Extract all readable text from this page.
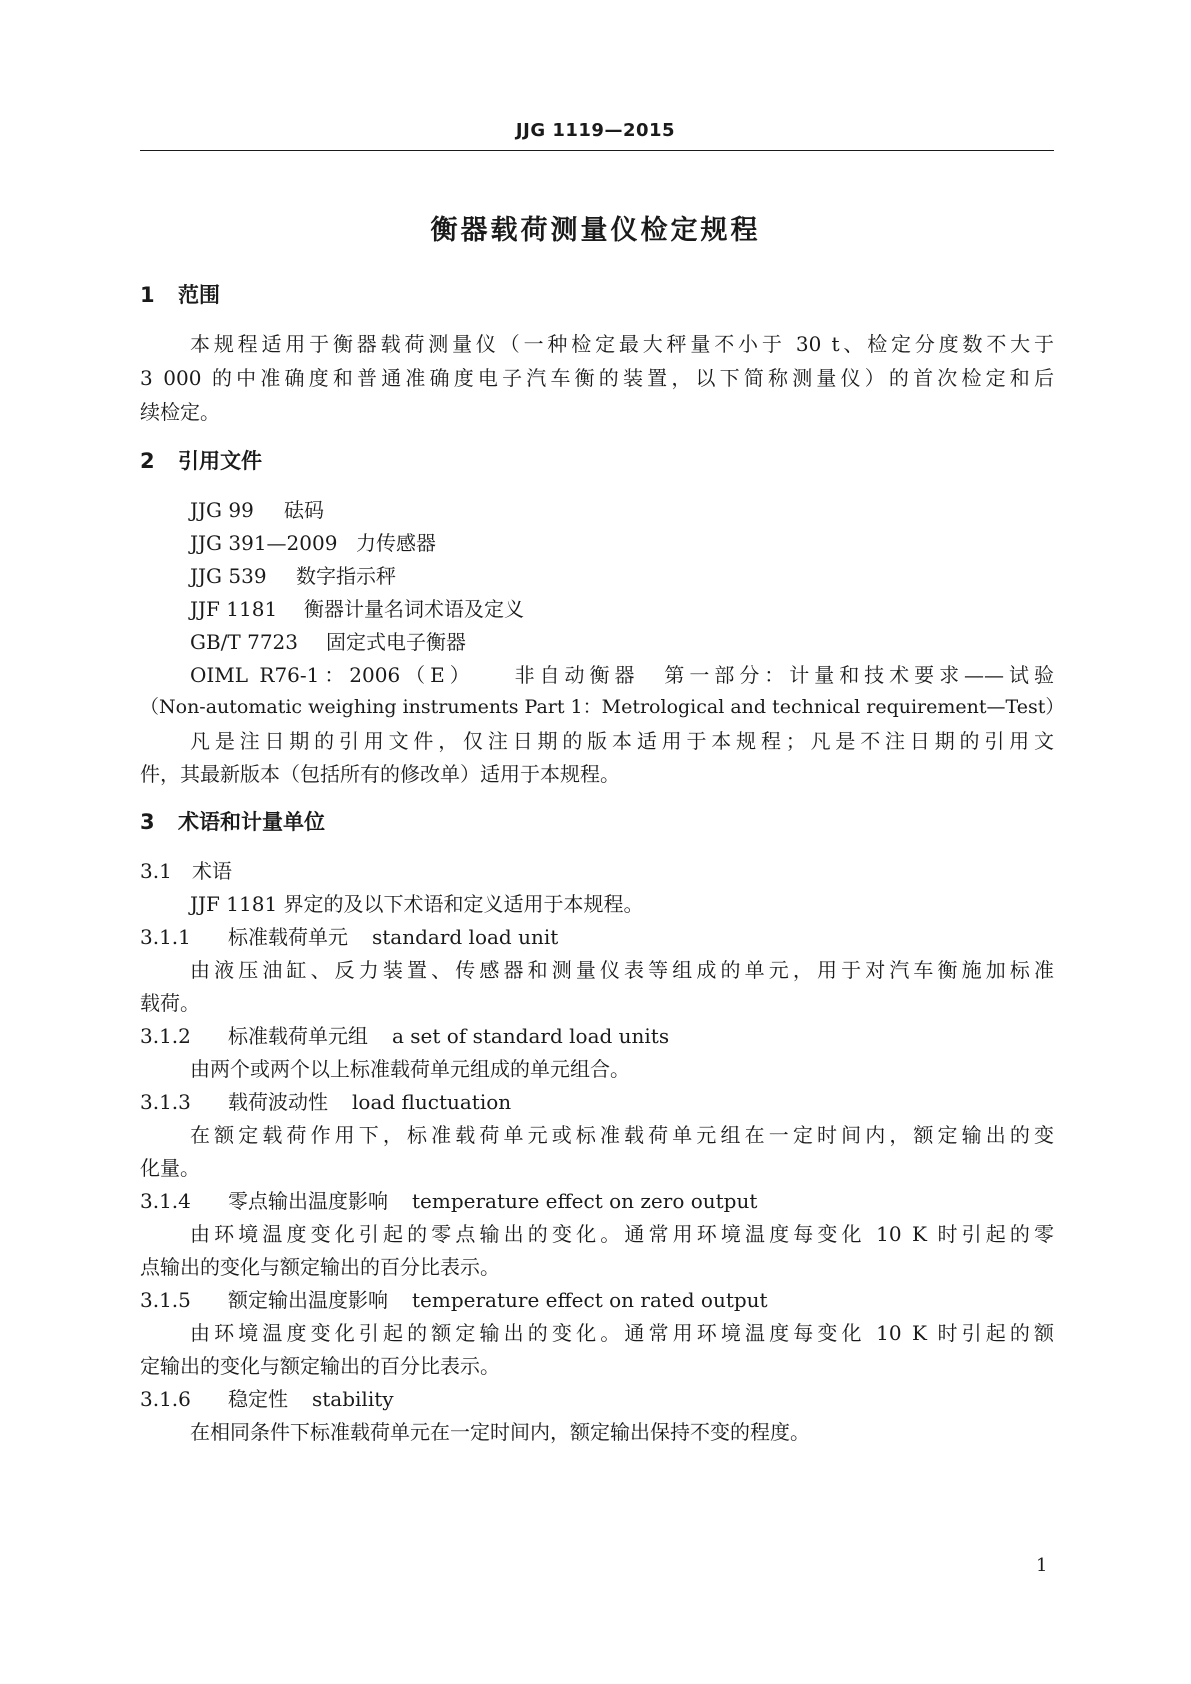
JJG 1119—2015
衡器载荷测量仪检定规程
1 范围
本规程适用于衡器载荷测量仪（一种检定最大秤量不小于 30 t、检定分度数不大于
3 000 的中准确度和普通准确度电子汽车衡的装置，以下简称测量仪）的首次检定和后
续检定。
2 引用文件
JJG 99 砝码
JJG 391—2009 力传感器
JJG 539 数字指示秤
JJF 1181 衡器计量名词术语及定义
GB/T 7723 固定式电子衡器
OIML R76-1：2006（E）　　非自动衡器　第一部分：计量和技术要求——试验
（Non-automatic weighing instruments Part 1：Metrological and technical requirement—Test）
凡是注日期的引用文件，仅注日期的版本适用于本规程；凡是不注日期的引用文
件，其最新版本（包括所有的修改单）适用于本规程。
3 术语和计量单位
3.1 术语
JJF 1181 界定的及以下术语和定义适用于本规程。
3.1.1 标准载荷单元 standard load unit
由液压油缸、反力装置、传感器和测量仪表等组成的单元，用于对汽车衡施加标准
载荷。
3.1.2 标准载荷单元组 a set of standard load units
由两个或两个以上标准载荷单元组成的单元组合。
3.1.3 载荷波动性 load fluctuation
在额定载荷作用下，标准载荷单元或标准载荷单元组在一定时间内，额定输出的变
化量。
3.1.4 零点输出温度影响 temperature effect on zero output
由环境温度变化引起的零点输出的变化。通常用环境温度每变化 10 K 时引起的零
点输出的变化与额定输出的百分比表示。
3.1.5 额定输出温度影响 temperature effect on rated output
由环境温度变化引起的额定输出的变化。通常用环境温度每变化 10 K 时引起的额
定输出的变化与额定输出的百分比表示。
3.1.6 稳定性 stability
在相同条件下标准载荷单元在一定时间内，额定输出保持不变的程度。
1
